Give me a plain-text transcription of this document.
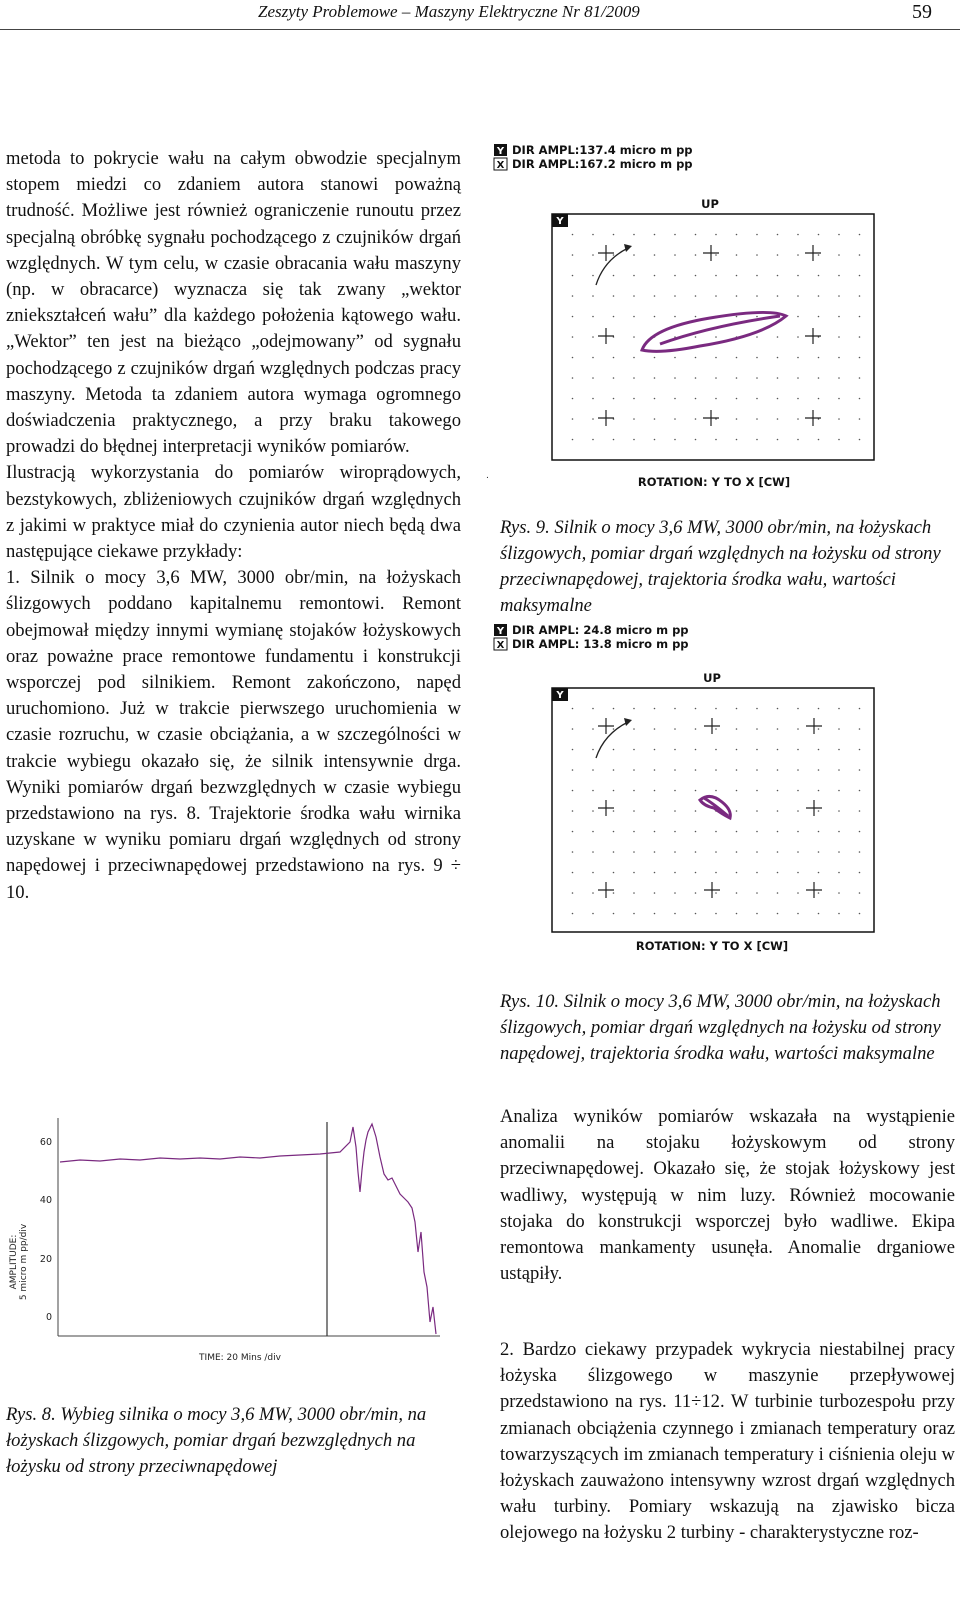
Zeszyty Problemowe – Maszyny Elektryczne Nr 81/2009	59

metoda to pokrycie wału na całym obwodzie specjalnym stopem miedzi co zdaniem autora stanowi poważną trudność. Możliwe jest również ograniczenie runoutu przez specjalną obróbkę sygnału pochodzącego z czujników drgań względnych. W tym celu, w czasie obracania wału maszyny (np. w obracarce) wyznacza się tak zwany „wektor zniekształceń wału” dla każdego położenia kątowego wału. „Wektor” ten jest na bieżąco „odejmowany” od sygnału pochodzącego z czujników drgań względnych podczas pracy maszyny. Metoda ta zdaniem autora wymaga ogromnego doświadczenia praktycznego, a przy braku takowego prowadzi do błędnej interpretacji wyników pomiarów.

Ilustracją wykorzystania do pomiarów wiroprądowych, bezstykowych, zbliżeniowych czujników drgań względnych z jakimi w praktyce miał do czynienia autor niech będą dwa następujące ciekawe przykłady:

1. Silnik o mocy 3,6 MW, 3000 obr/min, na łożyskach ślizgowych poddano kapitalnemu remontowi. Remont obejmował między innymi wymianę stojaków łożyskowych oraz poważne prace remontowe fundamentu i konstrukcji wsporczej pod silnikiem. Remont zakończono, napęd uruchomiono. Już w trakcie pierwszego uruchomienia w czasie rozruchu, w czasie obciążania, a w szczególności w trakcie wybiegu okazało się, że silnik intensywnie drga. Wyniki pomiarów drgań bezwzględnych w czasie wybiegu przedstawiono na rys. 8. Trajektorie środka wału wirnika uzyskane w wyniku pomiaru drgań względnych od strony napędowej i przeciwnapędowej przedstawiono na rys. 9 ÷ 10.

AMPLITUDE: 5 micro m pp/div
60
40
20
0
TIME: 20 Mins /div
Rys. 8. Wybieg silnika o mocy 3,6 MW, 3000 obr/min, na łożyskach ślizgowych, pomiar drgań bezwzględnych na łożysku od strony przeciwnapędowej
Y
X
DIR AMPL:137.4 micro m pp
DIR AMPL:167.2 micro m pp
UP
Y
.	ROTATION: Y TO X [CW]
Rys. 9. Silnik o mocy 3,6 MW, 3000 obr/min, na łożyskach ślizgowych, pomiar drgań względnych na łożysku od strony przeciwnapędowej, trajektoria środka wału, wartości maksymalne
Y
X
DIR AMPL: 24.8 micro m pp
DIR AMPL: 13.8 micro m pp
UP
Y
ROTATION: Y TO X [CW]
Rys. 10. Silnik o mocy 3,6 MW, 3000 obr/min, na łożyskach ślizgowych, pomiar drgań względnych na łożysku od strony napędowej, trajektoria środka wału, wartości maksymalne
Analiza wyników pomiarów wskazała na wystąpienie anomalii na stojaku łożyskowym od strony przeciwnapędowej. Okazało się, że stojak łożyskowy jest wadliwy, występują w nim luzy. Również mocowanie stojaka do konstrukcji wsporczej było wadliwe. Ekipa remontowa mankamenty usunęła. Anomalie drganiowe ustąpiły.
2. Bardzo ciekawy przypadek wykrycia niestabilnej pracy łożyska ślizgowego w maszynie przepływowej przedstawiono na rys. 11÷12. W turbinie turbozespołu przy zmianach obciążenia czynnego i zmianach temperatury oraz towarzyszących im zmianach temperatury i ciśnienia oleju w łożyskach zauważono intensywny wzrost drgań względnych wału turbiny. Pomiary wskazują na zjawisko bicza olejowego na łożysku 2 turbiny - charakterystyczne roz-
